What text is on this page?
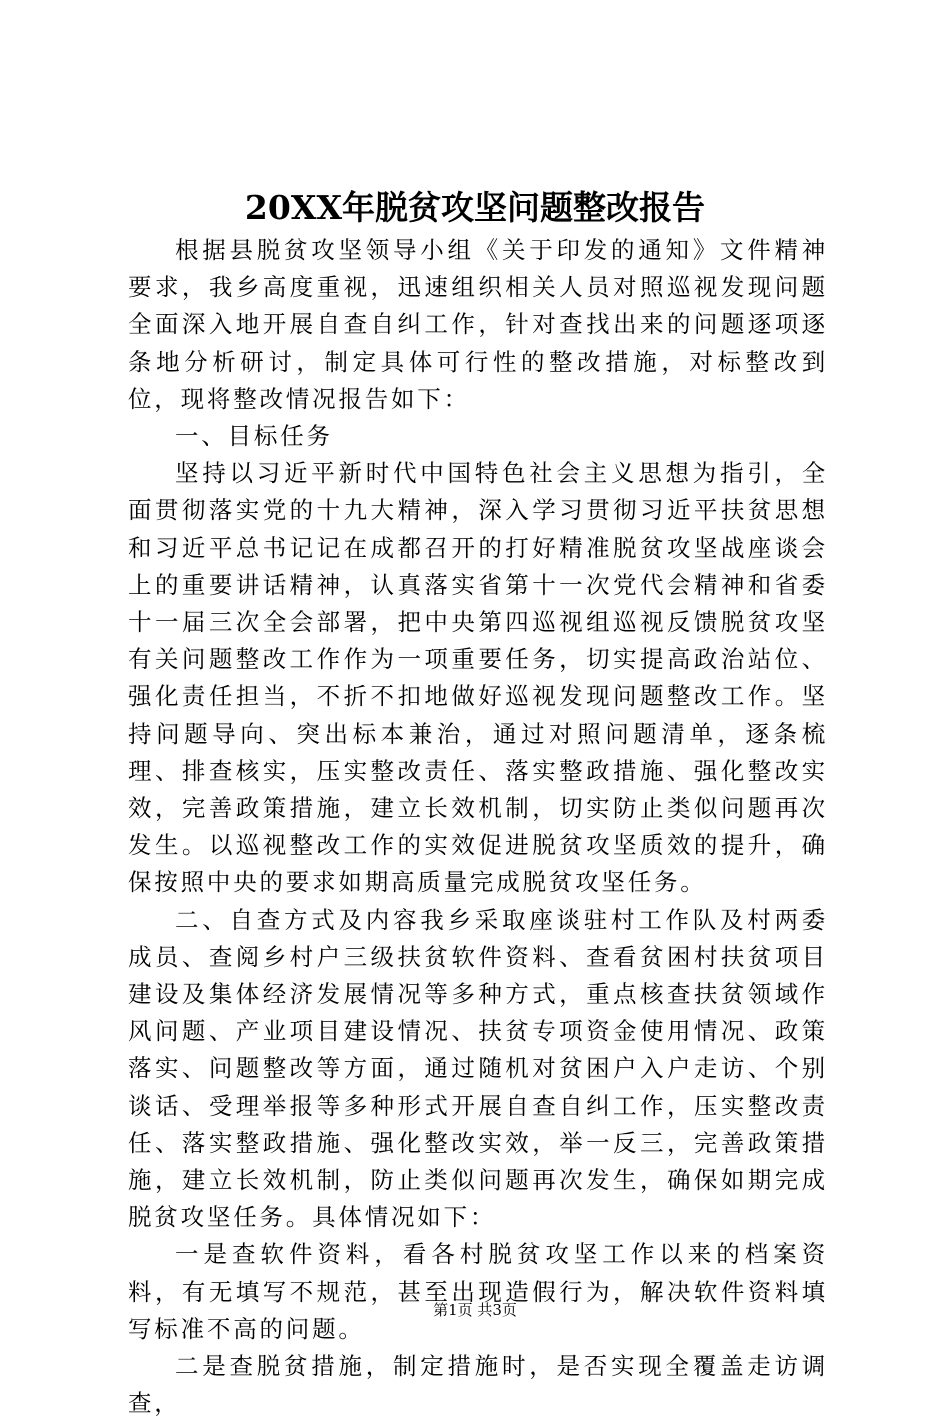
20XX年脱贫攻坚问题整改报告

根据县脱贫攻坚领导小组《关于印发的通知》文件精神要求，我乡高度重视，迅速组织相关人员对照巡视发现问题全面深入地开展自查自纠工作，针对查找出来的问题逐项逐条地分析研讨，制定具体可行性的整改措施，对标整改到位，现将整改情况报告如下：

一、目标任务

坚持以习近平新时代中国特色社会主义思想为指引，全面贯彻落实党的十九大精神，深入学习贯彻习近平扶贫思想和习近平总书记记在成都召开的打好精准脱贫攻坚战座谈会上的重要讲话精神，认真落实省第十一次党代会精神和省委十一届三次全会部署，把中央第四巡视组巡视反馈脱贫攻坚有关问题整改工作作为一项重要任务，切实提高政治站位、强化责任担当，不折不扣地做好巡视发现问题整改工作。坚持问题导向、突出标本兼治，通过对照问题清单，逐条梳理、排查核实，压实整改责任、落实整政措施、强化整改实效，完善政策措施，建立长效机制，切实防止类似问题再次发生。以巡视整改工作的实效促进脱贫攻坚质效的提升，确保按照中央的要求如期高质量完成脱贫攻坚任务。

二、自查方式及内容我乡采取座谈驻村工作队及村两委成员、查阅乡村户三级扶贫软件资料、查看贫困村扶贫项目建设及集体经济发展情况等多种方式，重点核查扶贫领域作风问题、产业项目建设情况、扶贫专项资金使用情况、政策落实、问题整改等方面，通过随机对贫困户入户走访、个别谈话、受理举报等多种形式开展自查自纠工作，压实整改责任、落实整政措施、强化整改实效，举一反三，完善政策措施，建立长效机制，防止类似问题再次发生，确保如期完成脱贫攻坚任务。具体情况如下：

一是查软件资料，看各村脱贫攻坚工作以来的档案资料，有无填写不规范，甚至出现造假行为，解决软件资料填写标准不高的问题。

二是查脱贫措施，制定措施时，是否实现全覆盖走访调查，

第1页 共3页
